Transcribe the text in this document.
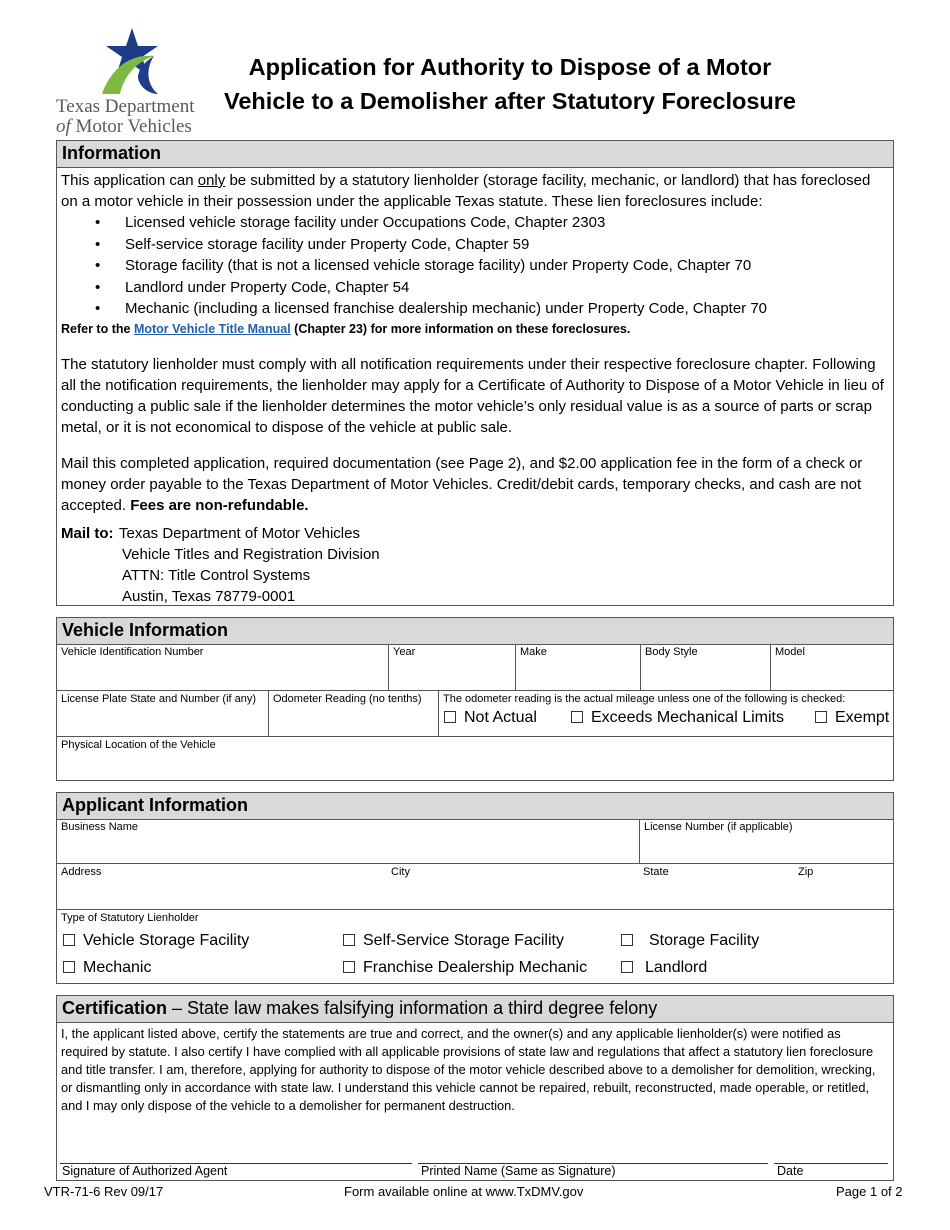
Texas Department
of Motor Vehicles
Application for Authority to Dispose of a Motor
Vehicle to a Demolisher after Statutory Foreclosure
Information

This application can only be submitted by a statutory lienholder (storage facility, mechanic, or landlord) that has foreclosed on a motor vehicle in their possession under the applicable Texas statute. These lien foreclosures include:

• Licensed vehicle storage facility under Occupations Code, Chapter 2303
• Self-service storage facility under Property Code, Chapter 59
• Storage facility (that is not a licensed vehicle storage facility) under Property Code, Chapter 70
• Landlord under Property Code, Chapter 54
• Mechanic (including a licensed franchise dealership mechanic) under Property Code, Chapter 70
Refer to the Motor Vehicle Title Manual (Chapter 23) for more information on these foreclosures.

The statutory lienholder must comply with all notification requirements under their respective foreclosure chapter. Following all the notification requirements, the lienholder may apply for a Certificate of Authority to Dispose of a Motor Vehicle in lieu of conducting a public sale if the lienholder determines the motor vehicle’s only residual value is as a source of parts or scrap metal, or it is not economical to dispose of the vehicle at public sale.

Mail this completed application, required documentation (see Page 2), and $2.00 application fee in the form of a check or money order payable to the Texas Department of Motor Vehicles. Credit/debit cards, temporary checks, and cash are not accepted. Fees are non-refundable.

Mail to: Texas Department of Motor Vehicles
Vehicle Titles and Registration Division
ATTN: Title Control Systems
Austin, Texas 78779-0001
Vehicle Information
Vehicle Identification Number	Year	Make	Body Style	Model
License Plate State and Number (if any)	Odometer Reading (no tenths)	The odometer reading is the actual mileage unless one of the following is checked:
Not Actual	Exceeds Mechanical Limits	Exempt
Physical Location of the Vehicle
Applicant Information
Business Name	License Number (if applicable)
Address	City	State	Zip
Type of Statutory Lienholder
Vehicle Storage Facility	Self-Service Storage Facility	Storage Facility
Mechanic	Franchise Dealership Mechanic	Landlord
Certification – State law makes falsifying information a third degree felony
I, the applicant listed above, certify the statements are true and correct, and the owner(s) and any applicable lienholder(s) were notified as required by statute. I also certify I have complied with all applicable provisions of state law and regulations that affect a statutory lien foreclosure and title transfer. I am, therefore, applying for authority to dispose of the motor vehicle described above to a demolisher for demolition, wrecking, or dismantling only in accordance with state law. I understand this vehicle cannot be repaired, rebuilt, reconstructed, made operable, or retitled, and I may only dispose of the vehicle to a demolisher for permanent destruction.
Signature of Authorized Agent	Printed Name (Same as Signature)	Date
VTR-71-6 Rev 09/17	Form available online at www.TxDMV.gov	Page 1 of 2
